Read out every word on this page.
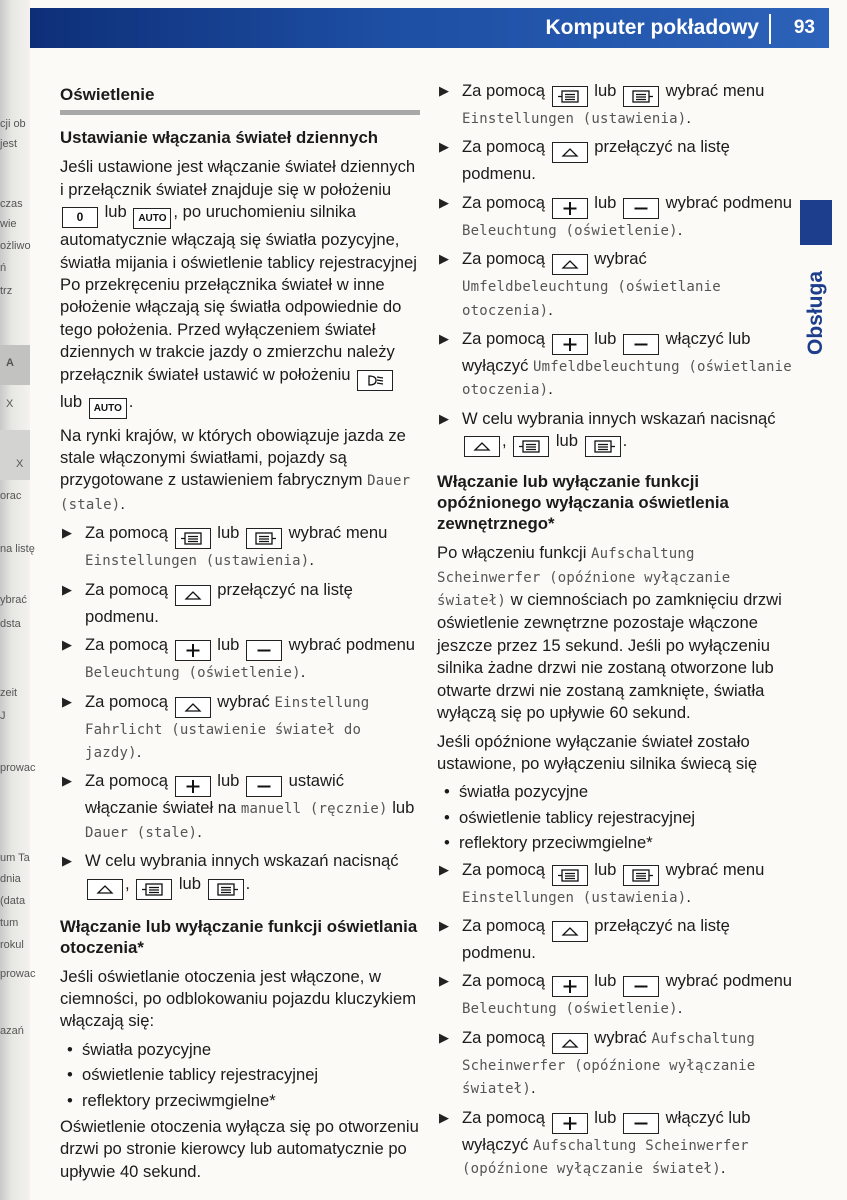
cji ob
jest
czas
wie
ożliwo
ń
trz
A
X
X
orac
na listę
ybrać
dsta
zeit
J
prowac
um Ta
dnia
(data
tum
rokul
prowac
azań
Komputer pokładowy 93
Obsługa
Oświetlenie
Ustawianie włączania świateł dziennych

Jeśli ustawione jest włączanie świateł dziennych i przełącznik świateł znajduje się w położeniu 0 lub AUTO , po uruchomieniu silnika automatycznie włączają się światła pozycyjne, światła mijania i oświetlenie tablicy rejestracyjnej Po przekręceniu przełącznika świateł w inne położenie włączają się światła odpowiednie do tego położenia. Przed wyłączeniem świateł dziennych w trakcie jazdy o zmierzchu należy przełącznik świateł ustawić w położeniu  lub AUTO .

Na rynki krajów, w których obowiązuje jazda ze stale włączonymi światłami, pojazdy są przygotowane z ustawieniem fabrycznym Dauer (stale).

▶ Za pomocą	lub	wybrać menu Einstellungen (ustawienia).
▶ Za pomocą	przełączyć na listę podmenu.
▶ Za pomocą	lub	wybrać podmenu Beleuchtung (oświetlenie).
▶ Za pomocą	wybrać Einstellung Fahrlicht (ustawienie świateł do jazdy).
▶ Za pomocą	lub	ustawić włączanie świateł na manuell (ręcznie) lub Dauer (stale).
▶ W celu wybrania innych wskazań nacisnąć ,	lub	.
Włączanie lub wyłączanie funkcji oświetlania otoczenia*

Jeśli oświetlanie otoczenia jest włączone, w ciemności, po odblokowaniu pojazdu kluczykiem włączają się:

• światła pozycyjne
• oświetlenie tablicy rejestracyjnej
• reflektory przeciwmgielne*

Oświetlenie otoczenia wyłącza się po otworzeniu drzwi po stronie kierowcy lub automatycznie po upływie 40 sekund.

▶ Za pomocą	lub	wybrać menu Einstellungen (ustawienia).
▶ Za pomocą	przełączyć na listę podmenu.
▶ Za pomocą	lub	wybrać podmenu Beleuchtung (oświetlenie).
▶ Za pomocą	wybrać Umfeldbeleuchtung (oświetlanie otoczenia).
▶ Za pomocą	lub	włączyć lub wyłączyć Umfeldbeleuchtung (oświetlanie otoczenia).
▶ W celu wybrania innych wskazań nacisnąć ,	lub	.
Włączanie lub wyłączanie funkcji opóźnionego wyłączania oświetlenia zewnętrznego*

Po włączeniu funkcji Aufschaltung Scheinwerfer (opóźnione wyłączanie świateł) w ciemnościach po zamknięciu drzwi oświetlenie zewnętrzne pozostaje włączone jeszcze przez 15 sekund. Jeśli po wyłączeniu silnika żadne drzwi nie zostaną otworzone lub otwarte drzwi nie zostaną zamknięte, światła wyłączą się po upływie 60 sekund.

Jeśli opóźnione wyłączanie świateł zostało ustawione, po wyłączeniu silnika świecą się

• światła pozycyjne
• oświetlenie tablicy rejestracyjnej
• reflektory przeciwmgielne*
▶ Za pomocą	lub	wybrać menu Einstellungen (ustawienia).
▶ Za pomocą	przełączyć na listę podmenu.
▶ Za pomocą	lub	wybrać podmenu Beleuchtung (oświetlenie).
▶ Za pomocą	wybrać Aufschaltung Scheinwerfer (opóźnione wyłączanie świateł).
▶ Za pomocą	lub	włączyć lub wyłączyć Aufschaltung Scheinwerfer (opóźnione wyłączanie świateł).
